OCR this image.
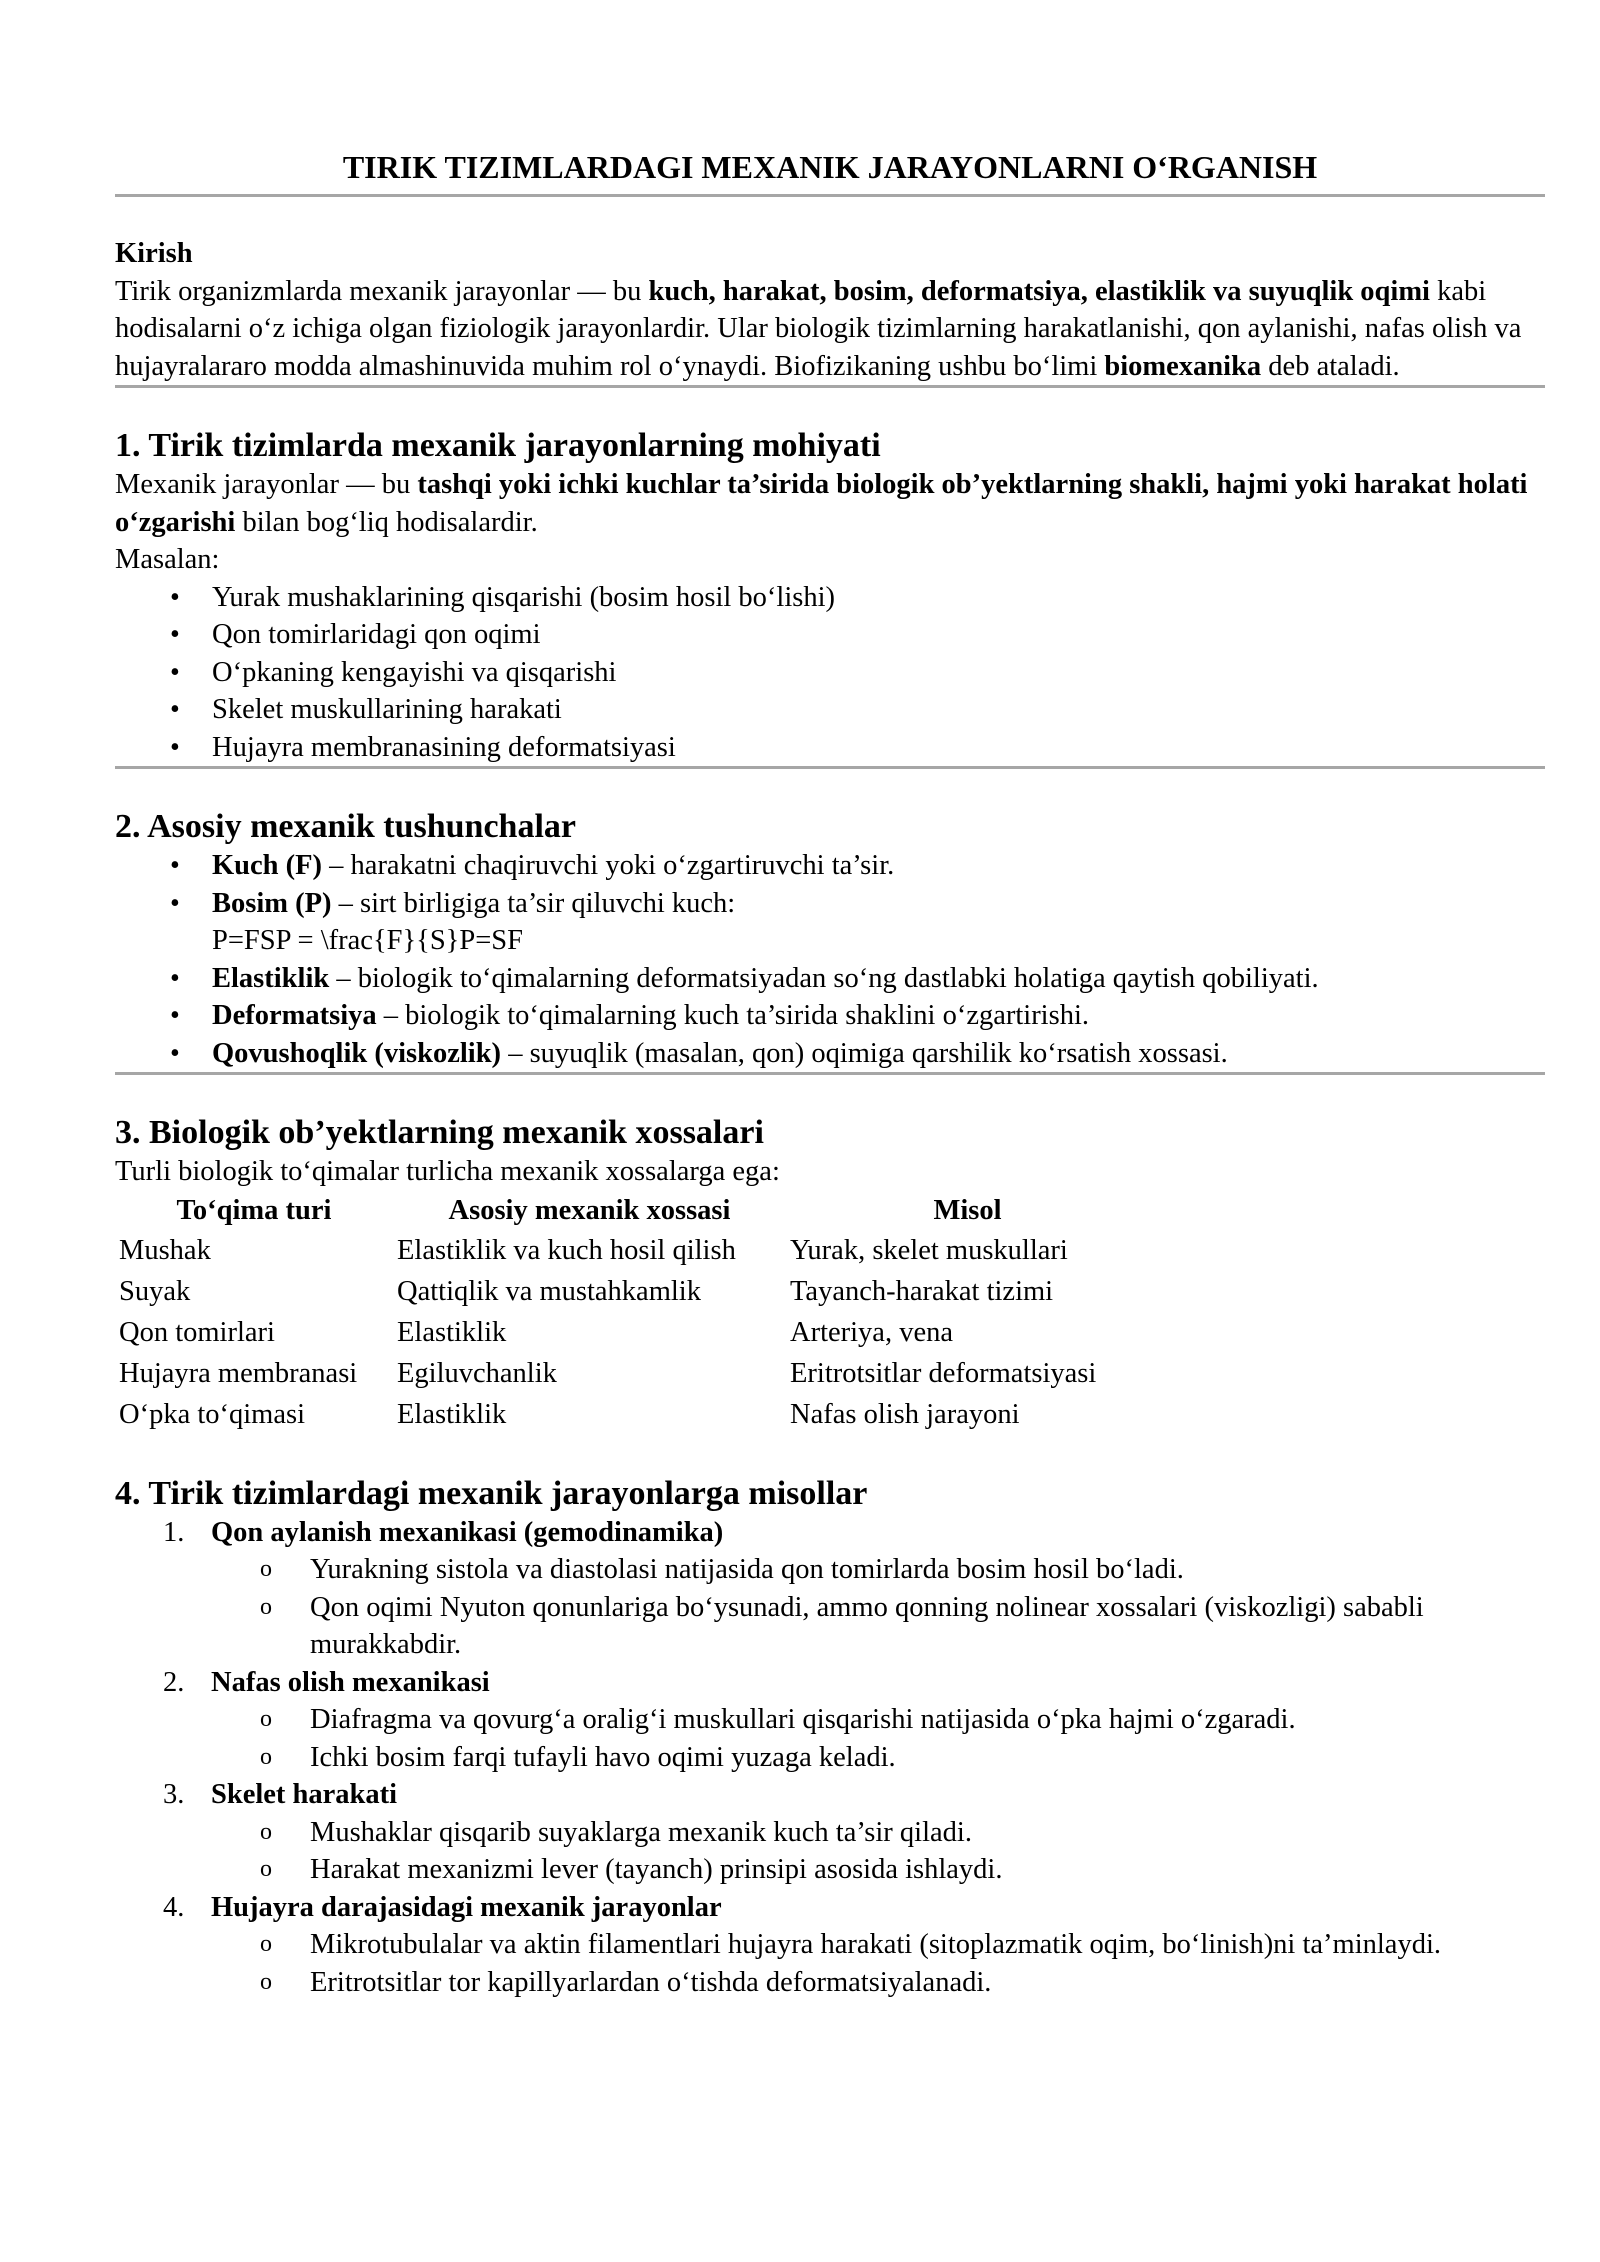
TIRIK TIZIMLARDAGI MEXANIK JARAYONLARNI O‘RGANISH
Kirish

Tirik organizmlarda mexanik jarayonlar — bu kuch, harakat, bosim, deformatsiya, elastiklik va suyuqlik oqimi kabi hodisalarni o‘z ichiga olgan fiziologik jarayonlardir. Ular biologik tizimlarning harakatlanishi, qon aylanishi, nafas olish va hujayralararo modda almashinuvida muhim rol o‘ynaydi. Biofizikaning ushbu bo‘limi biomexanika deb ataladi.

1. Tirik tizimlarda mexanik jarayonlarning mohiyati

Mexanik jarayonlar — bu tashqi yoki ichki kuchlar ta’sirida biologik ob’yektlarning shakli, hajmi yoki harakat holati o‘zgarishi bilan bog‘liq hodisalardir.

Masalan:

• Yurak mushaklarining qisqarishi (bosim hosil bo‘lishi)
• Qon tomirlaridagi qon oqimi
• O‘pkaning kengayishi va qisqarishi
• Skelet muskullarining harakati
• Hujayra membranasining deformatsiyasi
2. Asosiy mexanik tushunchalar
• Kuch (F) – harakatni chaqiruvchi yoki o‘zgartiruvchi ta’sir.
• Bosim (P) – sirt birligiga ta’sir qiluvchi kuch:
P=FSP = \frac{F}{S}P=SF
• Elastiklik – biologik to‘qimalarning deformatsiyadan so‘ng dastlabki holatiga qaytish qobiliyati.
• Deformatsiya – biologik to‘qimalarning kuch ta’sirida shaklini o‘zgartirishi.
• Qovushoqlik (viskozlik) – suyuqlik (masalan, qon) oqimiga qarshilik ko‘rsatish xossasi.
3. Biologik ob’yektlarning mexanik xossalari

Turli biologik to‘qimalar turlicha mexanik xossalarga ega:

To‘qima turi	Asosiy mexanik xossasi	Misol
Mushak	Elastiklik va kuch hosil qilish	Yurak, skelet muskullari
Suyak	Qattiqlik va mustahkamlik	Tayanch-harakat tizimi
Qon tomirlari	Elastiklik	Arteriya, vena
Hujayra membranasi	Egiluvchanlik	Eritrotsitlar deformatsiyasi
O‘pka to‘qimasi	Elastiklik	Nafas olish jarayoni
4. Tirik tizimlardagi mexanik jarayonlarga misollar
1. Qon aylanish mexanikasi (gemodinamika)
o Yurakning sistola va diastolasi natijasida qon tomirlarda bosim hosil bo‘ladi.
o Qon oqimi Nyuton qonunlariga bo‘ysunadi, ammo qonning nolinear xossalari (viskozligi) sababli murakkabdir.
2. Nafas olish mexanikasi
o Diafragma va qovurg‘a oralig‘i muskullari qisqarishi natijasida o‘pka hajmi o‘zgaradi.
o Ichki bosim farqi tufayli havo oqimi yuzaga keladi.
3. Skelet harakati
o Mushaklar qisqarib suyaklarga mexanik kuch ta’sir qiladi.
o Harakat mexanizmi lever (tayanch) prinsipi asosida ishlaydi.
4. Hujayra darajasidagi mexanik jarayonlar
o Mikrotubulalar va aktin filamentlari hujayra harakati (sitoplazmatik oqim, bo‘linish)ni ta’minlaydi.
o Eritrotsitlar tor kapillyarlardan o‘tishda deformatsiyalanadi.
